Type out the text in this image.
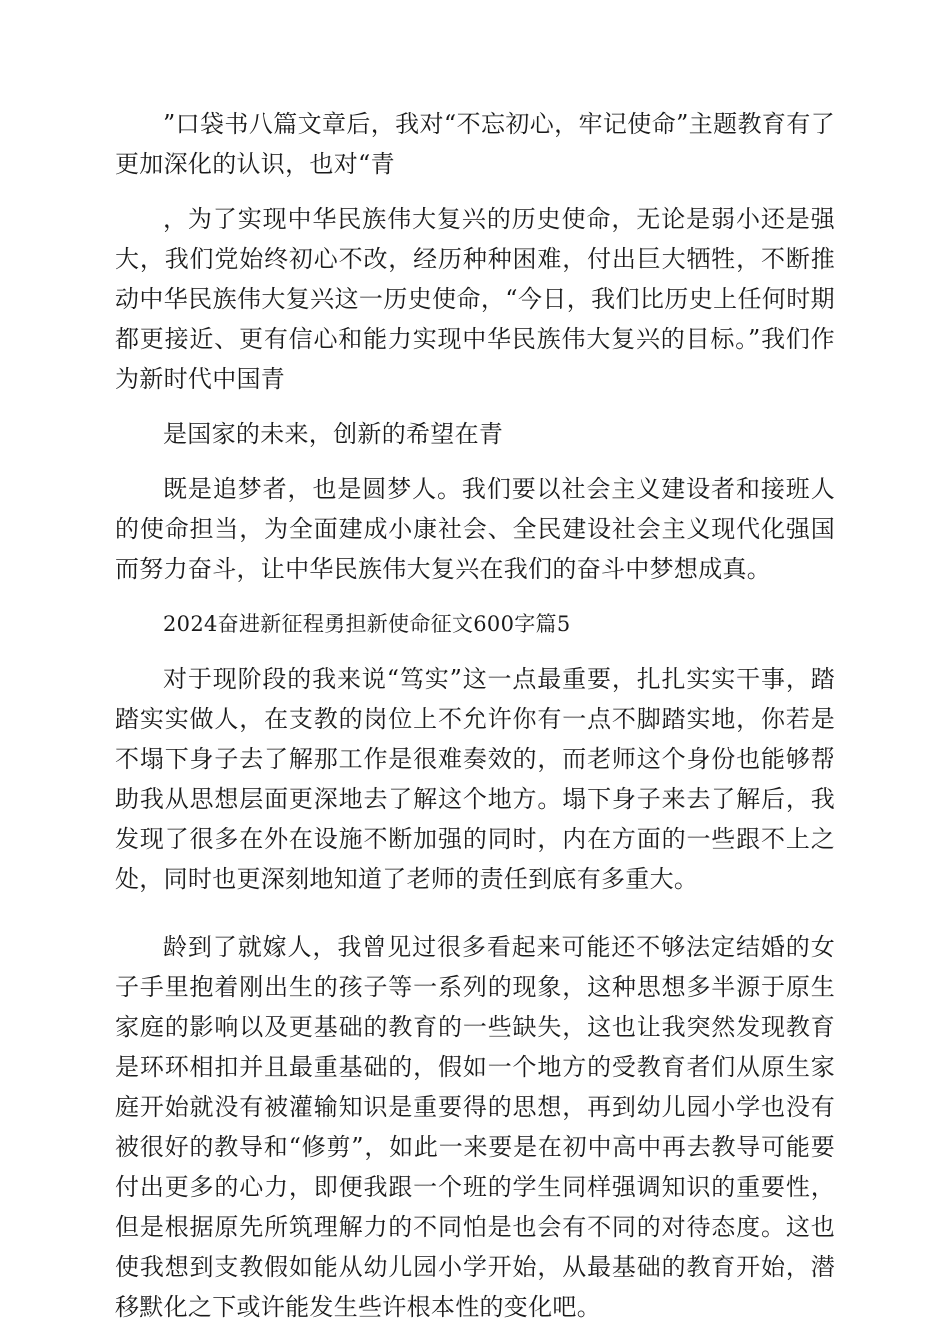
”口袋书八篇文章后，我对“不忘初心，牢记使命”主题教育有了更加深化的认识，也对“青

，为了实现中华民族伟大复兴的历史使命，无论是弱小还是强大，我们党始终初心不改，经历种种困难，付出巨大牺牲，不断推动中华民族伟大复兴这一历史使命，“今日，我们比历史上任何时期都更接近、更有信心和能力实现中华民族伟大复兴的目标。”我们作为新时代中国青

是国家的未来，创新的希望在青

既是追梦者，也是圆梦人。我们要以社会主义建设者和接班人的使命担当，为全面建成小康社会、全民建设社会主义现代化强国而努力奋斗，让中华民族伟大复兴在我们的奋斗中梦想成真。

2024奋进新征程勇担新使命征文600字篇5

对于现阶段的我来说“笃实”这一点最重要，扎扎实实干事，踏踏实实做人，在支教的岗位上不允许你有一点不脚踏实地，你若是不塌下身子去了解那工作是很难奏效的，而老师这个身份也能够帮助我从思想层面更深地去了解这个地方。塌下身子来去了解后，我发现了很多在外在设施不断加强的同时，内在方面的一些跟不上之处，同时也更深刻地知道了老师的责任到底有多重大。

龄到了就嫁人，我曾见过很多看起来可能还不够法定结婚的女子手里抱着刚出生的孩子等一系列的现象，这种思想多半源于原生家庭的影响以及更基础的教育的一些缺失，这也让我突然发现教育是环环相扣并且最重基础的，假如一个地方的受教育者们从原生家庭开始就没有被灌输知识是重要得的思想，再到幼儿园小学也没有被很好的教导和“修剪”，如此一来要是在初中高中再去教导可能要付出更多的心力，即便我跟一个班的学生同样强调知识的重要性，但是根据原先所筑理解力的不同怕是也会有不同的对待态度。这也使我想到支教假如能从幼儿园小学开始，从最基础的教育开始，潜移默化之下或许能发生些许根本性的变化吧。
